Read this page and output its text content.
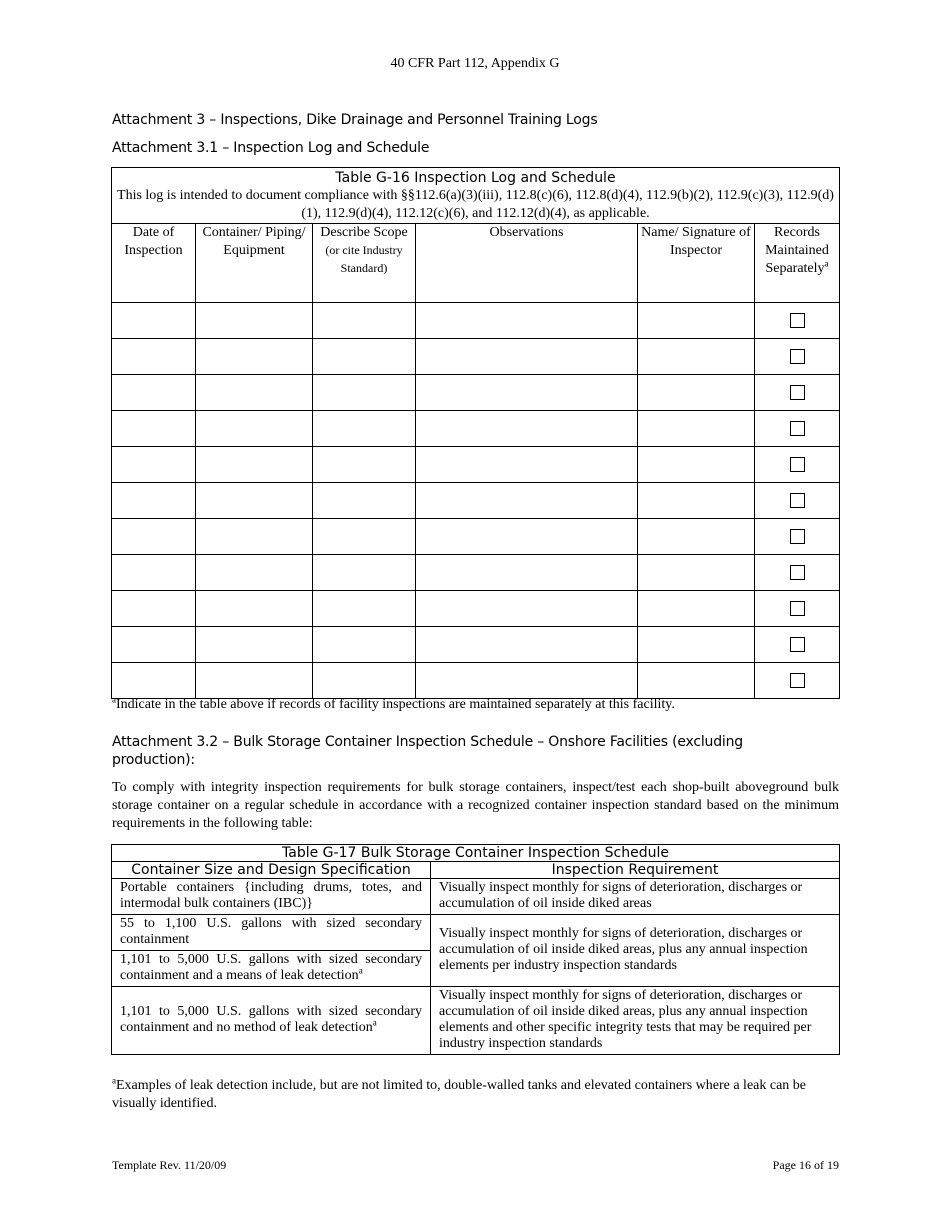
40 CFR Part 112, Appendix G
Attachment 3 – Inspections, Dike Drainage and Personnel Training Logs
Attachment 3.1 – Inspection Log and Schedule
Table G-16 Inspection Log and Schedule
This log is intended to document compliance with §§112.6(a)(3)(iii), 112.8(c)(6), 112.8(d)(4), 112.9(b)(2), 112.9(c)(3), 112.9(d)(1), 112.9(d)(4), 112.12(c)(6), and 112.12(d)(4), as applicable.					

Date of Inspection	Container/ Piping/ Equipment	Describe Scope (or cite Industry Standard)	Observations	Name/ Signature of Inspector	Records Maintained Separately$^a$

$^a$Indicate in the table above if records of facility inspections are maintained separately at this facility.
Attachment 3.2 – Bulk Storage Container Inspection Schedule – Onshore Facilities (excluding production):
To comply with integrity inspection requirements for bulk storage containers, inspect/test each shop-built aboveground bulk storage container on a regular schedule in accordance with a recognized container inspection standard based on the minimum requirements in the following table:
Table G-17 Bulk Storage Container Inspection Schedule	
Container Size and Design Specification	Inspection Requirement
Portable containers {including drums, totes, and intermodal bulk containers (IBC)}	Visually inspect monthly for signs of deterioration, discharges or accumulation of oil inside diked areas
55 to 1,100 U.S. gallons with sized secondary containment	Visually inspect monthly for signs of deterioration, discharges or accumulation of oil inside diked areas, plus any annual inspection elements per industry inspection standards
1,101 to 5,000 U.S. gallons with sized secondary containment and a means of leak detection$^a$
1,101 to 5,000 U.S. gallons with sized secondary containment and no method of leak detection$^a$	Visually inspect monthly for signs of deterioration, discharges or accumulation of oil inside diked areas, plus any annual inspection elements and other specific integrity tests that may be required per industry inspection standards
$^a$Examples of leak detection include, but are not limited to, double-walled tanks and elevated containers where a leak can be visually identified.
Template Rev. 11/20/09	Page 16 of 19
